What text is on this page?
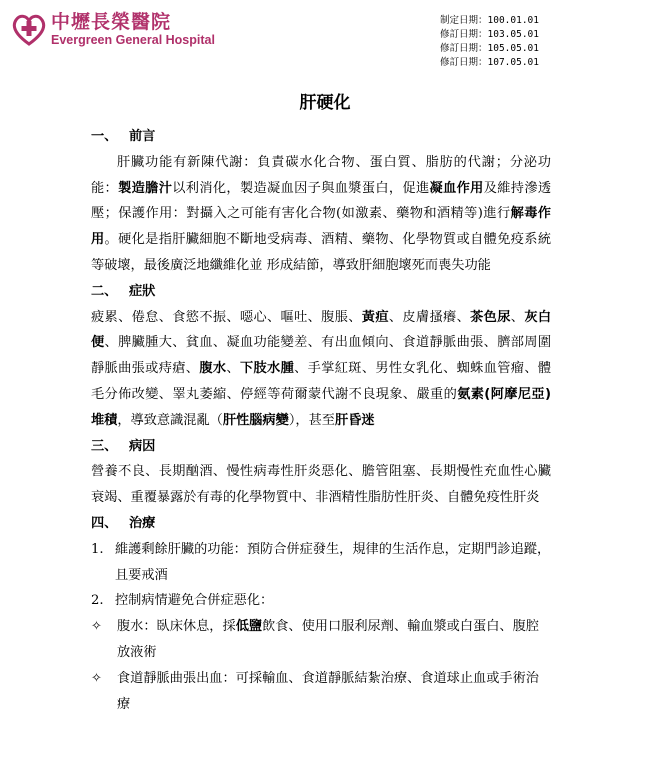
中壢長榮醫院
Evergreen General Hospital
制定日期：100.01.01
修訂日期：103.05.01
修訂日期：105.05.01
修訂日期：107.05.01
肝硬化
一、 前言

肝臟功能有新陳代謝：負責碳水化合物、蛋白質、脂肪的代謝；分泌功能：製造膽汁以利消化，製造凝血因子與血漿蛋白，促進凝血作用及維持滲透壓；保護作用：對攝入之可能有害化合物(如激素、藥物和酒精等)進行解毒作用。硬化是指肝臟細胞不斷地受病毒、酒精、藥物、化學物質或自體免疫系統等破壞，最後廣泛地纖維化並 形成結節，導致肝細胞壞死而喪失功能

二、 症狀

疲累、倦怠、食慾不振、噁心、嘔吐、腹脹、黃疸、皮膚搔癢、茶色尿、灰白便、脾臟腫大、貧血、凝血功能變差、有出血傾向、食道靜脈曲張、臍部周圍靜脈曲張或痔瘡、腹水、下肢水腫、手掌紅斑、男性女乳化、蜘蛛血管瘤、體毛分佈改變、睪丸萎縮、停經等荷爾蒙代謝不良現象、嚴重的氨素(阿摩尼亞)堆積，導致意識混亂（肝性腦病變），甚至肝昏迷

三、 病因

營養不良、長期酗酒、慢性病毒性肝炎惡化、膽管阻塞、長期慢性充血性心臟衰竭、重覆暴露於有毒的化學物質中、非酒精性脂肪性肝炎、自體免疫性肝炎

四、 治療
1. 維護剩餘肝臟的功能：預防合併症發生，規律的生活作息，定期門診追蹤，且要戒酒
2. 控制病情避免合併症惡化：
✧	腹水：臥床休息，採低鹽飲食、使用口服利尿劑、輸血漿或白蛋白、腹腔放液術
✧	食道靜脈曲張出血：可採輸血、食道靜脈結紮治療、食道球止血或手術治療
